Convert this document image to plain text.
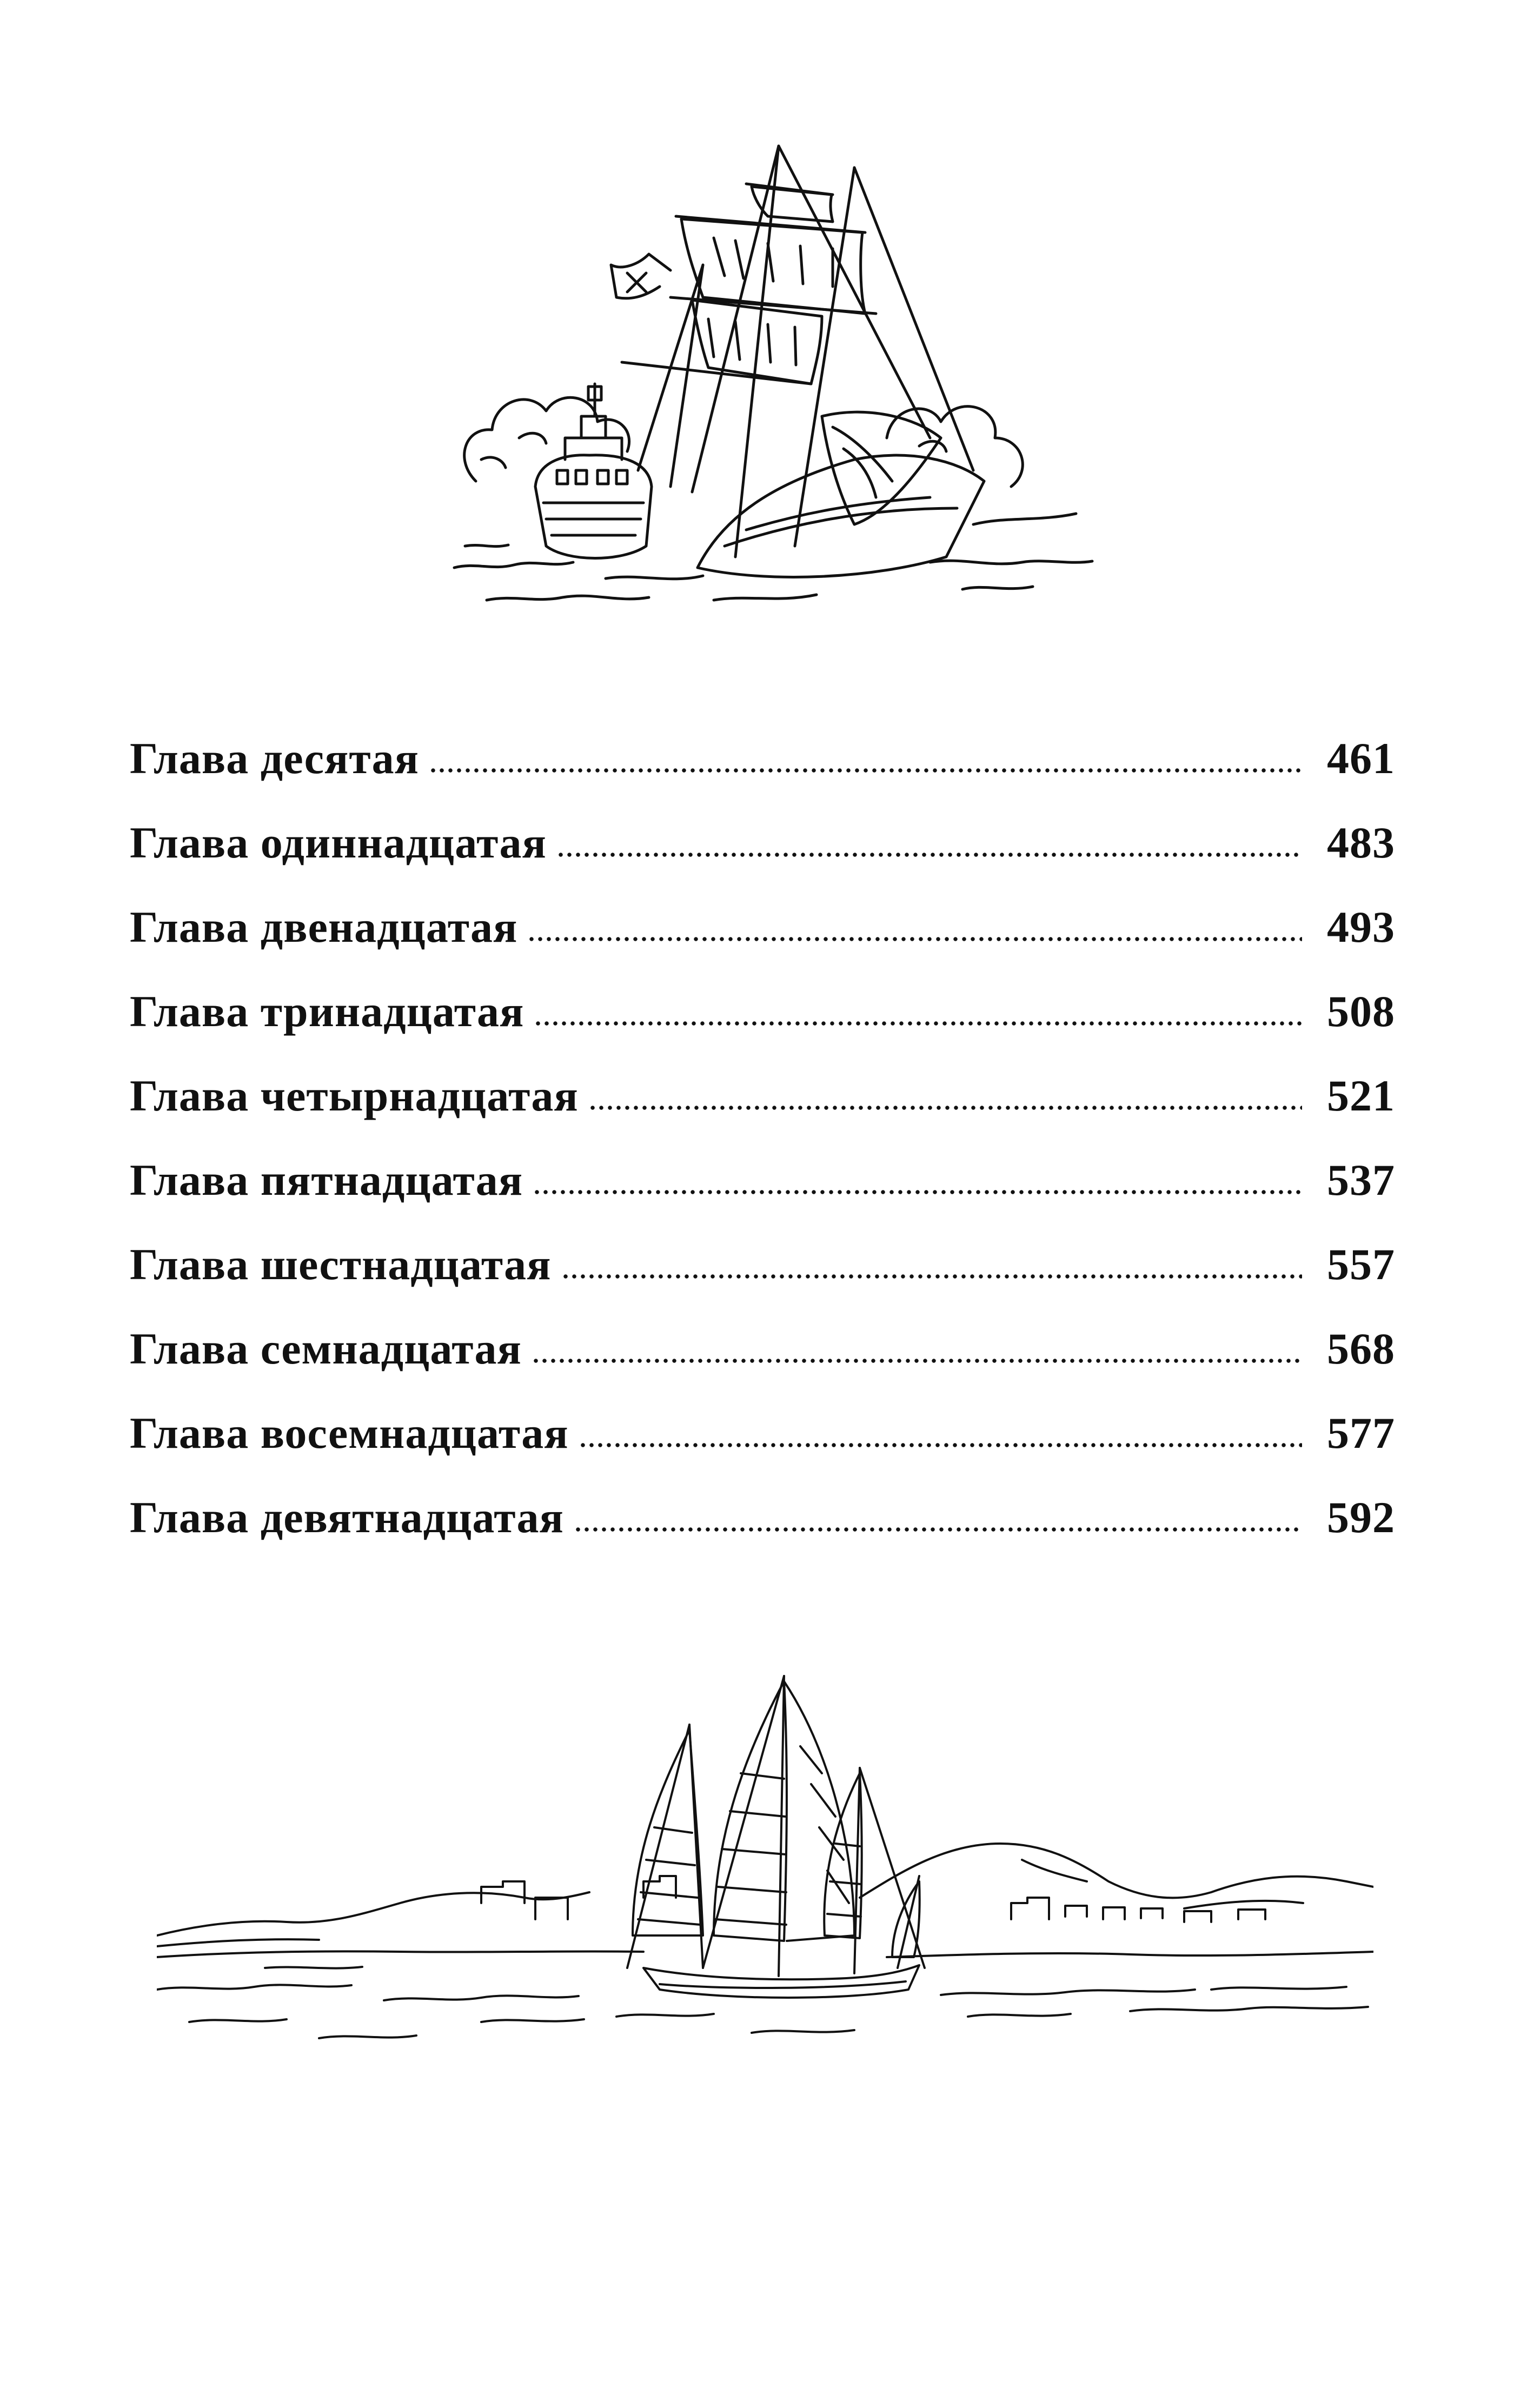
Глава десятая	461
Глава одиннадцатая	483
Глава двенадцатая	493
Глава тринадцатая	508
Глава четырнадцатая	521
Глава пятнадцатая	537
Глава шестнадцатая	557
Глава семнадцатая	568
Глава восемнадцатая	577
Глава девятнадцатая	592
